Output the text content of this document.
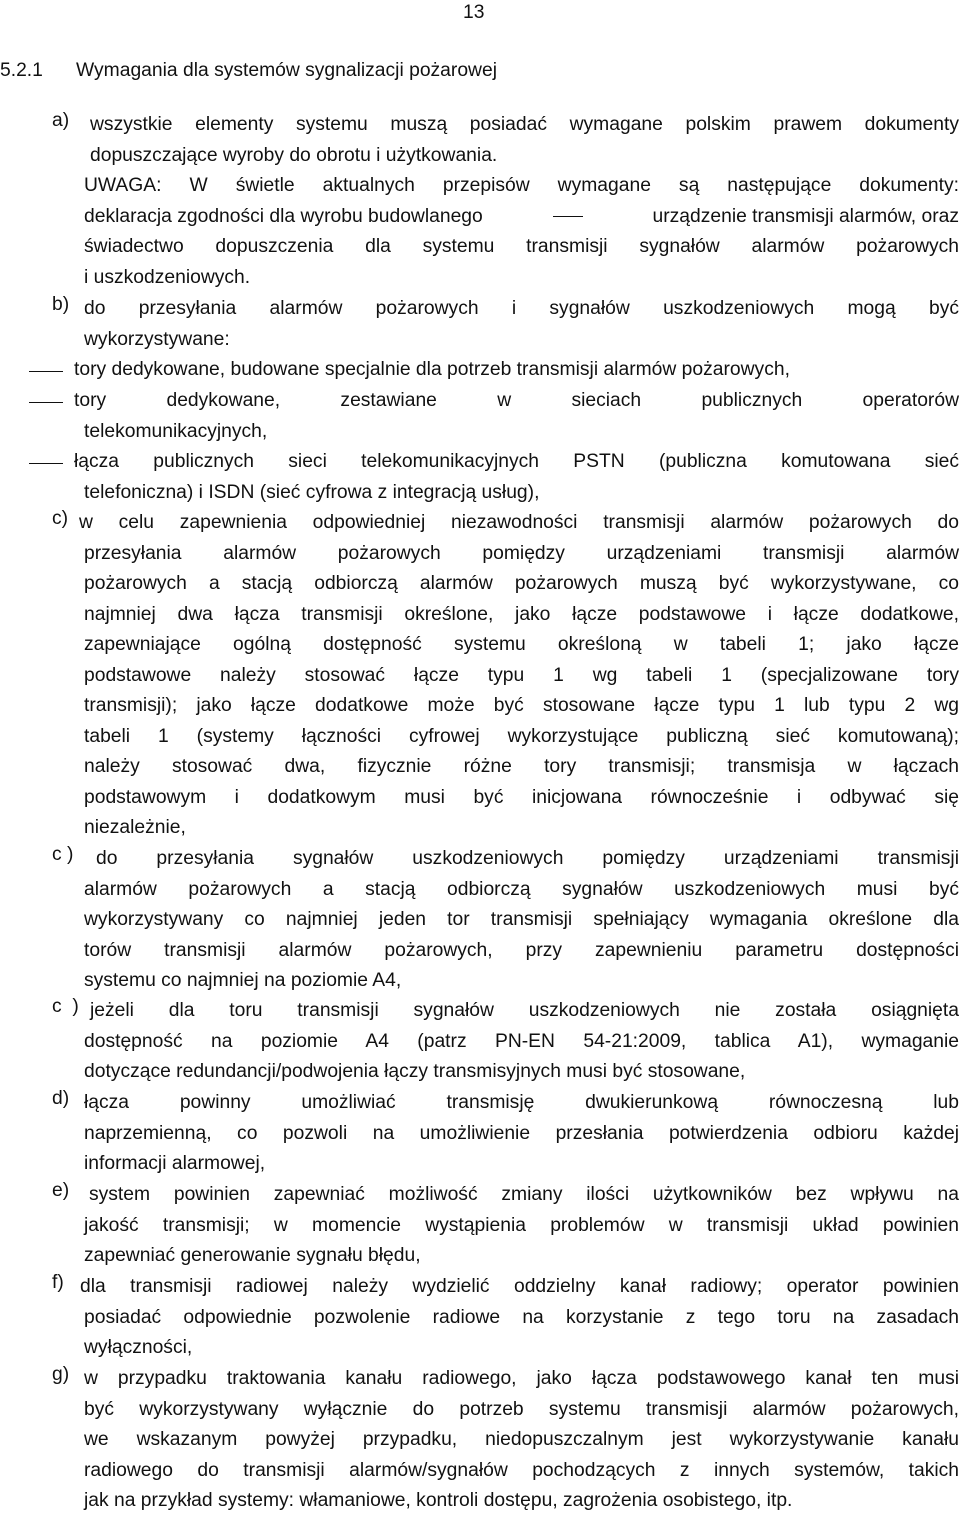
13
5.2.1 Wymagania dla systemów sygnalizacji pożarowej
a) wszystkie elementy systemu muszą posiadać wymagane polskim prawem dokumenty
dopuszczające wyroby do obrotu i użytkowania.
UWAGA: W świetle aktualnych przepisów wymagane są następujące dokumenty:
deklaracja zgodności dla wyrobu budowlanego	urządzenie transmisji alarmów, oraz
świadectwo dopuszczenia dla systemu transmisji sygnałów alarmów pożarowych
i uszkodzeniowych.
b) do przesyłania alarmów pożarowych i sygnałów uszkodzeniowych mogą być
wykorzystywane:
tory dedykowane, budowane specjalnie dla potrzeb transmisji alarmów pożarowych,
tory dedykowane, zestawiane w sieciach publicznych operatorów
telekomunikacyjnych,
łącza publicznych sieci telekomunikacyjnych PSTN (publiczna komutowana sieć
telefoniczna) i ISDN (sieć cyfrowa z integracją usług),
c) w celu zapewnienia odpowiedniej niezawodności transmisji alarmów pożarowych do
przesyłania alarmów pożarowych pomiędzy urządzeniami transmisji alarmów
pożarowych a stacją odbiorczą alarmów pożarowych muszą być wykorzystywane, co
najmniej dwa łącza transmisji określone, jako łącze podstawowe i łącze dodatkowe,
zapewniające ogólną dostępność systemu określoną w tabeli 1; jako łącze
podstawowe należy stosować łącze typu 1 wg tabeli 1 (specjalizowane tory
transmisji); jako łącze dodatkowe może być stosowane łącze typu 1 lub typu 2 wg
tabeli 1 (systemy łączności cyfrowej wykorzystujące publiczną sieć komutowaną);
należy stosować dwa, fizycznie różne tory transmisji; transmisja w łączach
podstawowym i dodatkowym musi być inicjowana równocześnie i odbywać się
niezależnie,
c ) do przesyłania sygnałów uszkodzeniowych pomiędzy urządzeniami transmisji
alarmów pożarowych a stacją odbiorczą sygnałów uszkodzeniowych musi być
wykorzystywany co najmniej jeden tor transmisji spełniający wymagania określone dla
torów transmisji alarmów pożarowych, przy zapewnieniu parametru dostępności
systemu co najmniej na poziomie A4,
c  ) jeżeli dla toru transmisji sygnałów uszkodzeniowych nie została osiągnięta
dostępność na poziomie A4 (patrz PN-EN 54-21:2009, tablica A1), wymaganie
dotyczące redundancji/podwojenia łączy transmisyjnych musi być stosowane,
d) łącza powinny umożliwiać transmisję dwukierunkową równoczesną lub
naprzemienną, co pozwoli na umożliwienie przesłania potwierdzenia odbioru każdej
informacji alarmowej,
e) system powinien zapewniać możliwość zmiany ilości użytkowników bez wpływu na
jakość transmisji; w momencie wystąpienia problemów w transmisji układ powinien
zapewniać generowanie sygnału błędu,
f) dla transmisji radiowej należy wydzielić oddzielny kanał radiowy; operator powinien
posiadać odpowiednie pozwolenie radiowe na korzystanie z tego toru na zasadach
wyłączności,
g) w przypadku traktowania kanału radiowego, jako łącza podstawowego kanał ten musi
być wykorzystywany wyłącznie do potrzeb systemu transmisji alarmów pożarowych,
we wskazanym powyżej przypadku, niedopuszczalnym jest wykorzystywanie kanału
radiowego do transmisji alarmów/sygnałów pochodzących z innych systemów, takich
jak na przykład systemy: włamaniowe, kontroli dostępu, zagrożenia osobistego, itp.
